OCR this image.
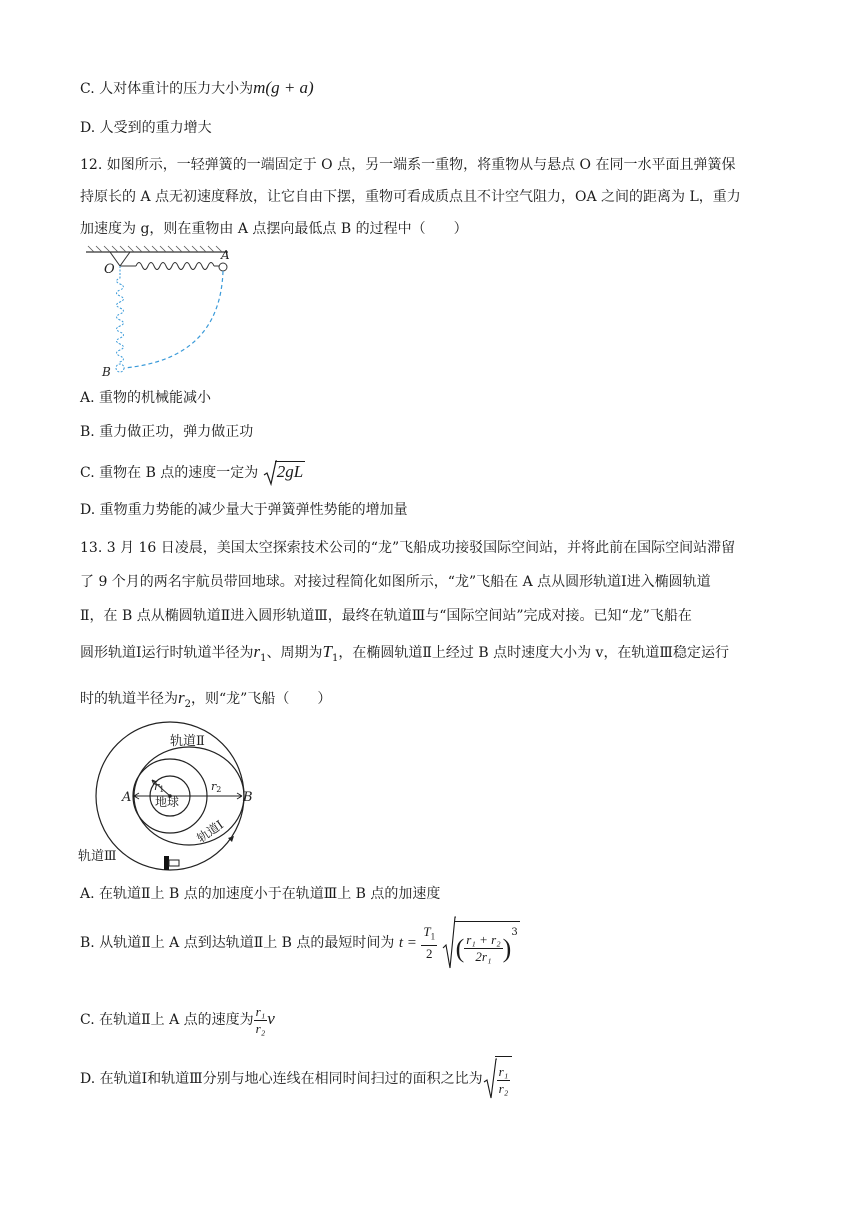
C. 人对体重计的压力大小为m(g + a)
D. 人受到的重力增大
12. 如图所示，一轻弹簧的一端固定于 O 点，另一端系一重物，将重物从与悬点 O 在同一水平面且弹簧保
持原长的 A 点无初速度释放，让它自由下摆，重物可看成质点且不计空气阻力，OA 之间的距离为 L，重力
加速度为 g，则在重物由 A 点摆向最低点 B 的过程中（　　）
O
A
B
A. 重物的机械能减小
B. 重力做正功，弹力做正功
C. 重物在 B 点的速度一定为 2gL
D. 重物重力势能的减少量大于弹簧弹性势能的增加量
13. 3 月 16 日凌晨，美国太空探索技术公司的“龙”飞船成功接驳国际空间站，并将此前在国际空间站滞留
了 9 个月的两名宇航员带回地球。对接过程简化如图所示，“龙”飞船在 A 点从圆形轨道Ⅰ进入椭圆轨道
Ⅱ，在 B 点从椭圆轨道Ⅱ进入圆形轨道Ⅲ，最终在轨道Ⅲ与“国际空间站”完成对接。已知“龙”飞船在
圆形轨道Ⅰ运行时轨道半径为$r_1$、周期为$T_1$，在椭圆轨道Ⅱ上经过 B 点时速度大小为 v，在轨道Ⅲ稳定运行
时的轨道半径为$r_2$，则“龙”飞船（　　）
轨道Ⅱ
轨道Ⅰ
轨道Ⅲ
地球
A	B
r1	r2
A. 在轨道Ⅱ上 B 点的加速度小于在轨道Ⅲ上 B 点的加速度
B. 从轨道Ⅱ上 A 点到达轨道Ⅱ上 B 点的最短时间为 $t = \frac{T_1}{2}$ ( $\frac{\text{r₁ + r₂}}{\text{2r₁}} )^3$
C. 在轨道Ⅱ上 A 点的速度为 $\frac{\text{r₁}}{\text{r₂}}$ v
D. 在轨道Ⅰ和轨道Ⅲ分别与地心连线在相同时间扫过的面积之比为 $\frac{\text{r₁}}{\text{r₂}}$
